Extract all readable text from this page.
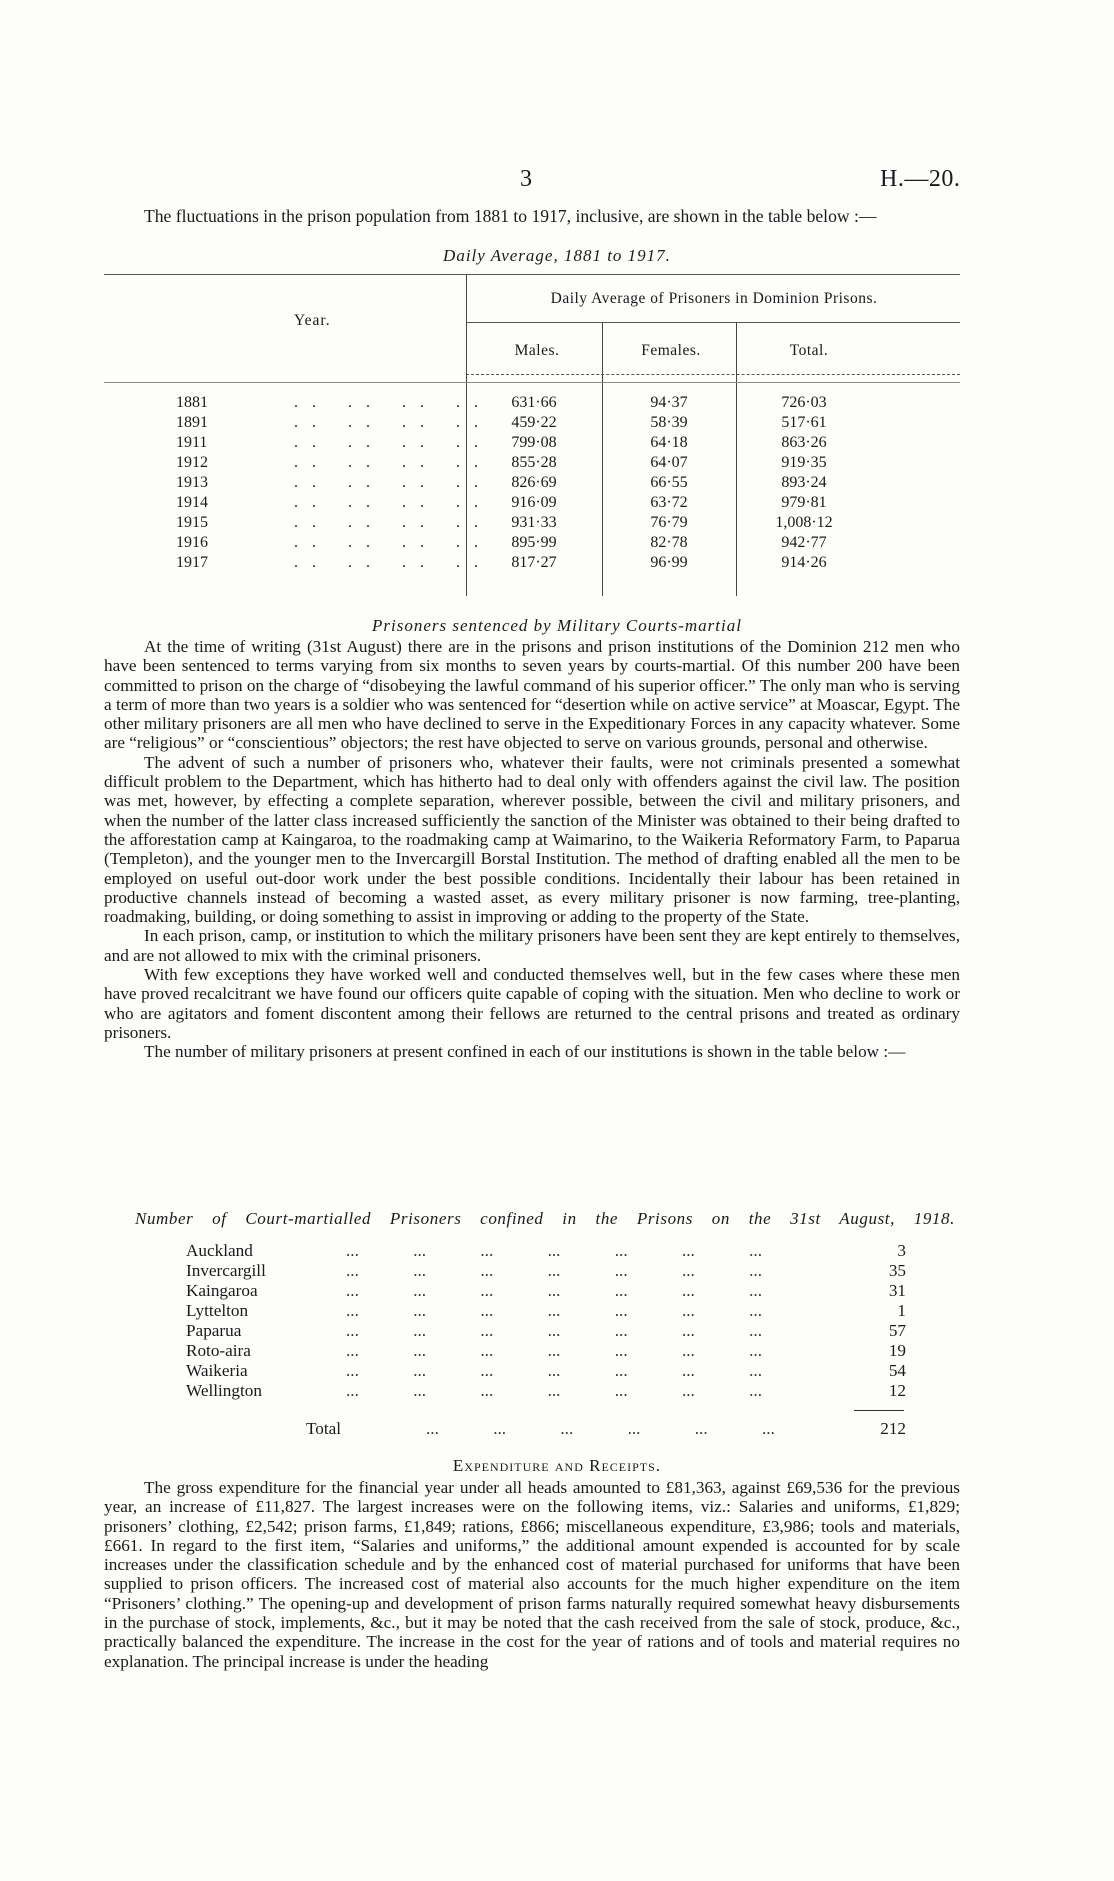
3	H.—20.
The fluctuations in the prison population from 1881 to 1917, inclusive, are shown in the table below :—
Daily Average, 1881 to 1917.
Year.
Daily Average of Prisoners in Dominion Prisons.
Males.	Females.	Total.
1881	.. .. .. ..	631·66	94·37	726·03
1891	.. .. .. ..	459·22	58·39	517·61
1911	.. .. .. ..	799·08	64·18	863·26
1912	.. .. .. ..	855·28	64·07	919·35
1913	.. .. .. ..	826·69	66·55	893·24
1914	.. .. .. ..	916·09	63·72	979·81
1915	.. .. .. ..	931·33	76·79	1,008·12
1916	.. .. .. ..	895·99	82·78	942·77
1917	.. .. .. ..	817·27	96·99	914·26
Prisoners sentenced by Military Courts-martial

At the time of writing (31st August) there are in the prisons and prison institutions of the Dominion 212 men who have been sentenced to terms varying from six months to seven years by courts-martial. Of this number 200 have been committed to prison on the charge of “disobeying the lawful command of his superior officer.” The only man who is serving a term of more than two years is a soldier who was sentenced for “desertion while on active service” at Moascar, Egypt. The other military prisoners are all men who have declined to serve in the Expeditionary Forces in any capacity whatever. Some are “religious” or “conscientious” objectors; the rest have objected to serve on various grounds, personal and otherwise.

The advent of such a number of prisoners who, whatever their faults, were not criminals presented a somewhat difficult problem to the Department, which has hitherto had to deal only with offenders against the civil law. The position was met, however, by effecting a complete separation, wherever possible, between the civil and military prisoners, and when the number of the latter class increased sufficiently the sanction of the Minister was obtained to their being drafted to the afforestation camp at Kaingaroa, to the roadmaking camp at Waimarino, to the Waikeria Reformatory Farm, to Paparua (Templeton), and the younger men to the Invercargill Borstal Institution. The method of drafting enabled all the men to be employed on useful out-door work under the best possible conditions. Incidentally their labour has been retained in productive channels instead of becoming a wasted asset, as every military prisoner is now farming, tree-planting, roadmaking, building, or doing something to assist in improving or adding to the property of the State.

In each prison, camp, or institution to which the military prisoners have been sent they are kept entirely to themselves, and are not allowed to mix with the criminal prisoners.

With few exceptions they have worked well and conducted themselves well, but in the few cases where these men have proved recalcitrant we have found our officers quite capable of coping with the situation. Men who decline to work or who are agitators and foment discontent among their fellows are returned to the central prisons and treated as ordinary prisoners.

The number of military prisoners at present confined in each of our institutions is shown in the table below :—

Number of Court-martialled Prisoners confined in the Prisons on the 31st August, 1918.
Auckland	... ... ... ... ... ... ...	3
Invercargill	... ... ... ... ... ... ...	35
Kaingaroa	... ... ... ... ... ... ...	31
Lyttelton	... ... ... ... ... ... ...	1
Paparua	... ... ... ... ... ... ...	57
Roto-aira	... ... ... ... ... ... ...	19
Waikeria	... ... ... ... ... ... ...	54
Wellington	... ... ... ... ... ... ...	12
Total	... ... ... ... ... ...	212
Expenditure and Receipts.

The gross expenditure for the financial year under all heads amounted to £81,363, against £69,536 for the previous year, an increase of £11,827. The largest increases were on the following items, viz.: Salaries and uniforms, £1,829; prisoners’ clothing, £2,542; prison farms, £1,849; rations, £866; miscellaneous expenditure, £3,986; tools and materials, £661. In regard to the first item, “Salaries and uniforms,” the additional amount expended is accounted for by scale increases under the classification schedule and by the enhanced cost of material purchased for uniforms that have been supplied to prison officers. The increased cost of material also accounts for the much higher expenditure on the item “Prisoners’ clothing.” The opening-up and development of prison farms naturally required somewhat heavy disbursements in the purchase of stock, implements, &c., but it may be noted that the cash received from the sale of stock, produce, &c., practically balanced the expenditure. The increase in the cost for the year of rations and of tools and material requires no explanation. The principal increase is under the heading
